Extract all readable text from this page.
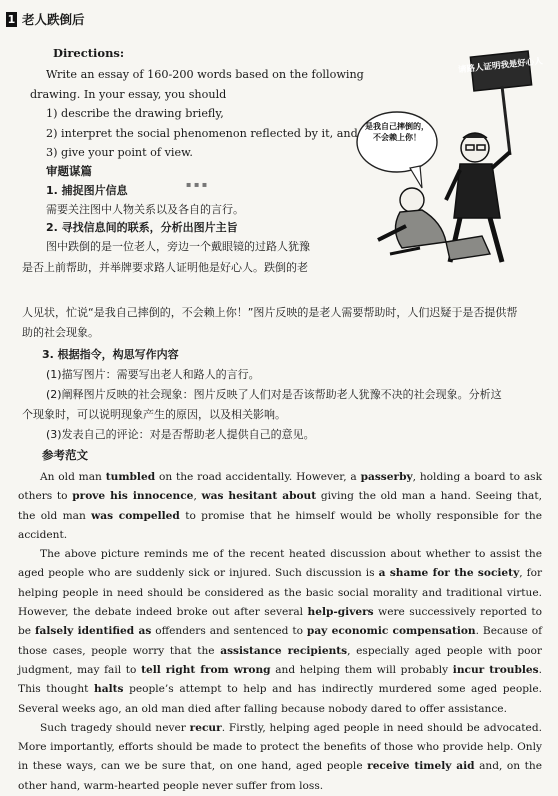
1 老人跌倒后
Directions:
Write an essay of 160-200 words based on the following
drawing. In your essay, you should
1) describe the drawing briefly,
2) interpret the social phenomenon reflected by it, and
3) give your point of view.
审题谋篇
1. 捕捉图片信息
需要关注图中人物关系以及各自的言行。
2. 寻找信息间的联系，分析出图片主旨
图中跌倒的是一位老人，旁边一个戴眼镜的过路人犹豫
是否上前帮助，并举牌要求路人证明他是好心人。跌倒的老
请路人证明我是好心人
是我自己摔倒的，不会赖上你！
▪ ▪ ▪
人见状，忙说“是我自己摔倒的，不会赖上你！”图片反映的是老人需要帮助时，人们迟疑于是否提供帮
助的社会现象。
3. 根据指令，构思写作内容
(1)描写图片：需要写出老人和路人的言行。
(2)阐释图片反映的社会现象：图片反映了人们对是否该帮助老人犹豫不决的社会现象。分析这
个现象时，可以说明现象产生的原因，以及相关影响。
(3)发表自己的评论：对是否帮助老人提供自己的意见。
参考范文

An old man tumbled on the road accidentally. However, a passerby, holding a board to ask others to prove his innocence, was hesitant about giving the old man a hand. Seeing that, the old man was compelled to promise that he himself would be wholly responsible for the accident.

The above picture reminds me of the recent heated discussion about whether to assist the aged people who are suddenly sick or injured. Such discussion is a shame for the society, for helping people in need should be considered as the basic social morality and traditional virtue. However, the debate indeed broke out after several help-givers were successively reported to be falsely identified as offenders and sentenced to pay economic compensation. Because of those cases, people worry that the assistance recipients, especially aged people with poor judgment, may fail to tell right from wrong and helping them will probably incur troubles. This thought halts people’s attempt to help and has indirectly murdered some aged people. Several weeks ago, an old man died after falling because nobody dared to offer assistance.

Such tragedy should never recur. Firstly, helping aged people in need should be advocated. More importantly, efforts should be made to protect the benefits of those who provide help. Only in these ways, can we be sure that, on one hand, aged people receive timely aid and, on the other hand, warm-hearted people never suffer from loss.
